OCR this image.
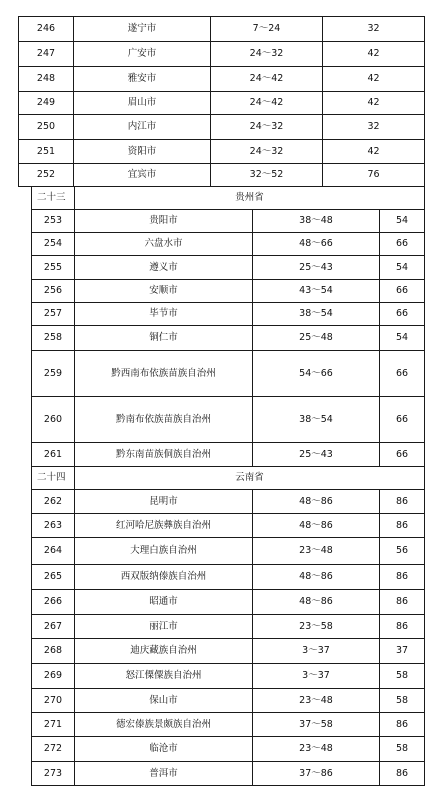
246	遂宁市	7～24	32
247	广安市	24～32	42
248	雅安市	24～42	42
249	眉山市	24～42	42
250	内江市	24～32	32
251	资阳市	24～32	42
252	宜宾市	32～52	76
二十三	贵州省		
253	贵阳市	38～48	54
254	六盘水市	48～66	66
255	遵义市	25～43	54
256	安顺市	43～54	66
257	毕节市	38～54	66
258	铜仁市	25～48	54
259	黔西南布依族苗族自治州	54～66	66
260	黔南布依族苗族自治州	38～54	66
261	黔东南苗族侗族自治州	25～43	66
二十四	云南省		
262	昆明市	48～86	86
263	红河哈尼族彝族自治州	48～86	86
264	大理白族自治州	23～48	56
265	西双版纳傣族自治州	48～86	86
266	昭通市	48～86	86
267	丽江市	23～58	86
268	迪庆藏族自治州	3～37	37
269	怒江傈僳族自治州	3～37	58
270	保山市	23～48	58
271	德宏傣族景颇族自治州	37～58	86
272	临沧市	23～48	58
273	普洱市	37～86	86
